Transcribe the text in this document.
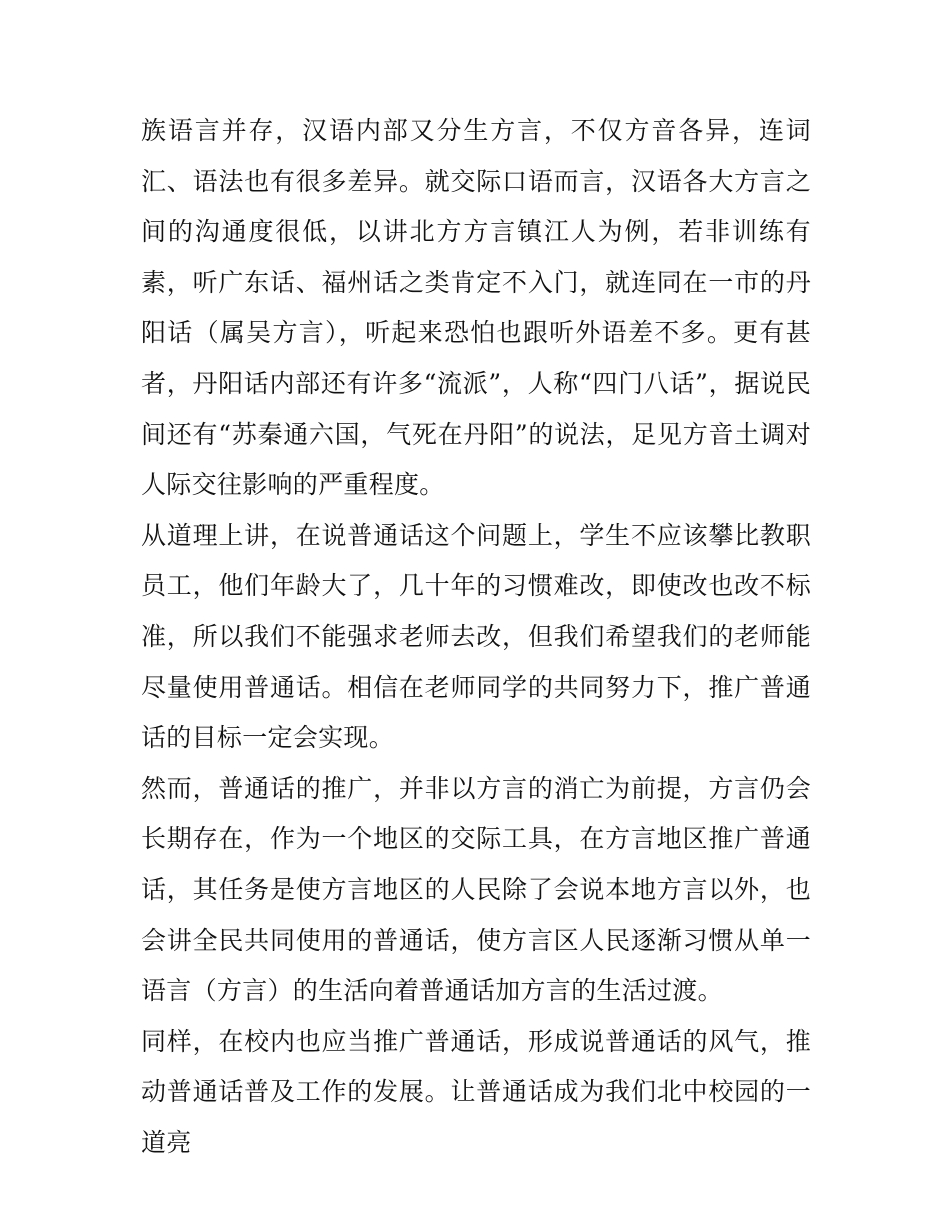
族语言并存，汉语内部又分生方言，不仅方音各异，连词汇、语法也有很多差异。就交际口语而言，汉语各大方言之间的沟通度很低，以讲北方方言镇江人为例，若非训练有素，听广东话、福州话之类肯定不入门，就连同在一市的丹阳话（属吴方言），听起来恐怕也跟听外语差不多。更有甚者，丹阳话内部还有许多“流派”，人称“四门八话”，据说民间还有“苏秦通六国，气死在丹阳”的说法，足见方音土调对人际交往影响的严重程度。

从道理上讲，在说普通话这个问题上，学生不应该攀比教职员工，他们年龄大了，几十年的习惯难改，即使改也改不标准，所以我们不能强求老师去改，但我们希望我们的老师能尽量使用普通话。相信在老师同学的共同努力下，推广普通话的目标一定会实现。

然而，普通话的推广，并非以方言的消亡为前提，方言仍会长期存在，作为一个地区的交际工具，在方言地区推广普通话，其任务是使方言地区的人民除了会说本地方言以外，也会讲全民共同使用的普通话，使方言区人民逐渐习惯从单一语言（方言）的生活向着普通话加方言的生活过渡。

同样，在校内也应当推广普通话，形成说普通话的风气，推动普通话普及工作的发展。让普通话成为我们北中校园的一道亮
